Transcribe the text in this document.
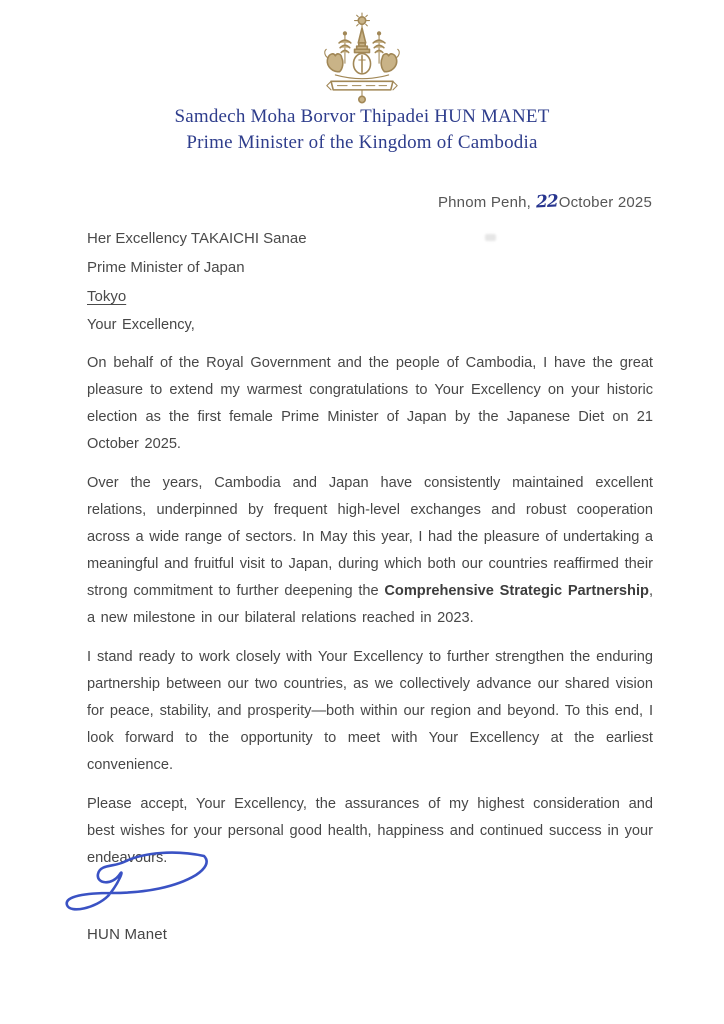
Samdech Moha Borvor Thipadei HUN MANET
Prime Minister of the Kingdom of Cambodia
Phnom Penh, 22 October 2025
Her Excellency TAKAICHI Sanae
Prime Minister of Japan
Tokyo

Your Excellency,

On behalf of the Royal Government and the people of Cambodia, I have the great pleasure to extend my warmest congratulations to Your Excellency on your historic election as the first female Prime Minister of Japan by the Japanese Diet on 21 October 2025.

Over the years, Cambodia and Japan have consistently maintained excellent relations, underpinned by frequent high-level exchanges and robust cooperation across a wide range of sectors. In May this year, I had the pleasure of undertaking a meaningful and fruitful visit to Japan, during which both our countries reaffirmed their strong commitment to further deepening the Comprehensive Strategic Partnership, a new milestone in our bilateral relations reached in 2023.

I stand ready to work closely with Your Excellency to further strengthen the enduring partnership between our two countries, as we collectively advance our shared vision for peace, stability, and prosperity—both within our region and beyond. To this end, I look forward to the opportunity to meet with Your Excellency at the earliest convenience.

Please accept, Your Excellency, the assurances of my highest consideration and best wishes for your personal good health, happiness and continued success in your endeavours.

HUN Manet
